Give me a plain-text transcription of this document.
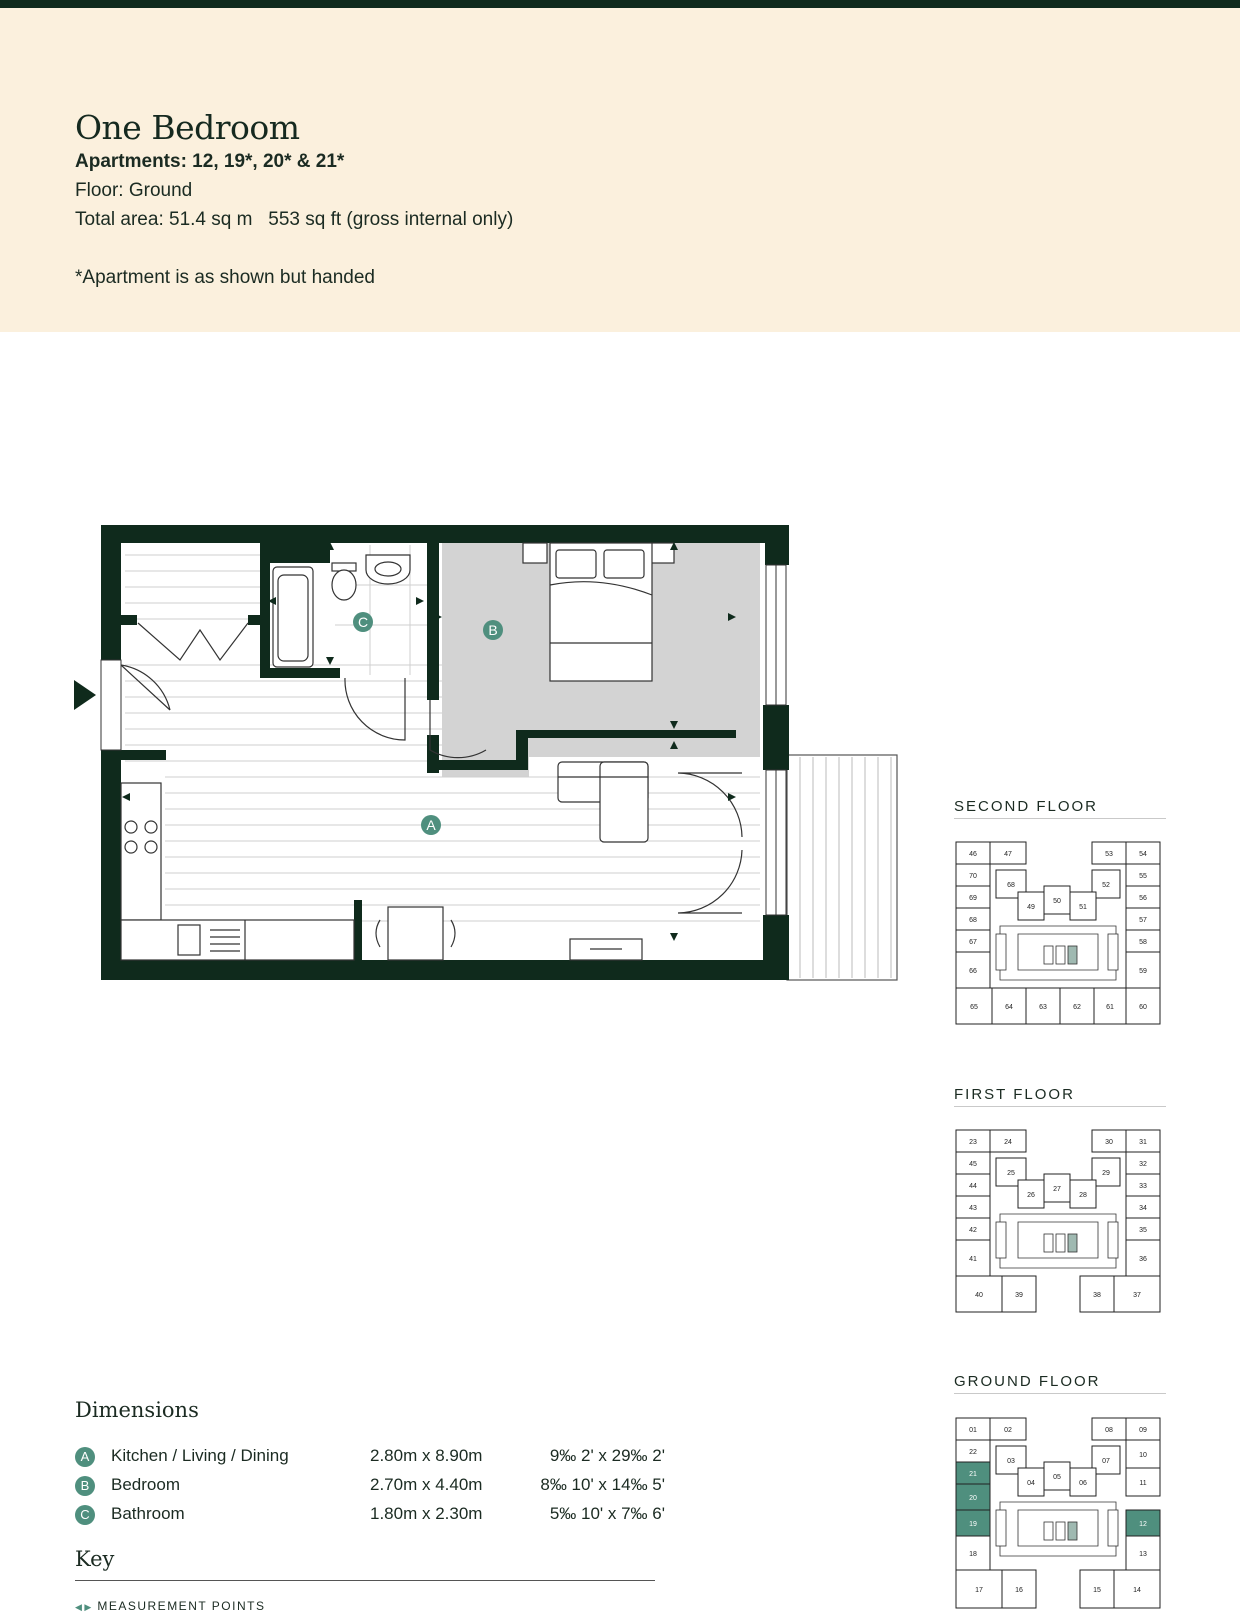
One Bedroom
Apartments: 12, 19*, 20* & 21*
Floor: Ground
Total area: 51.4 sq m   553 sq ft (gross internal only)
*Apartment is as shown but handed
A
B
C
SECOND FLOOR
46	47	53	54
70
68	52
55
69
49
50
51
56
68	57
67	58
66	59
65	64	63	62	61	60
FIRST FLOOR
23	24	30	31
45
25	29
32
44
26
27
28
33
43	34
42	35
41	36
40	39	38	37
GROUND FLOOR
01	02	08	09
22
03	07
10
21
04
05
06	11
20
19	12
18	13
17	16	15	14
Dimensions
A	Kitchen / Living / Dining	2.80m x 8.90m	9‰ 2' x 29‰ 2'
B	Bedroom	2.70m x 4.40m	8‰ 10' x 14‰ 5'
C	Bathroom	1.80m x 2.30m	5‰ 10' x 7‰ 6'
Key
◀ ▶ MEASUREMENT POINTS
